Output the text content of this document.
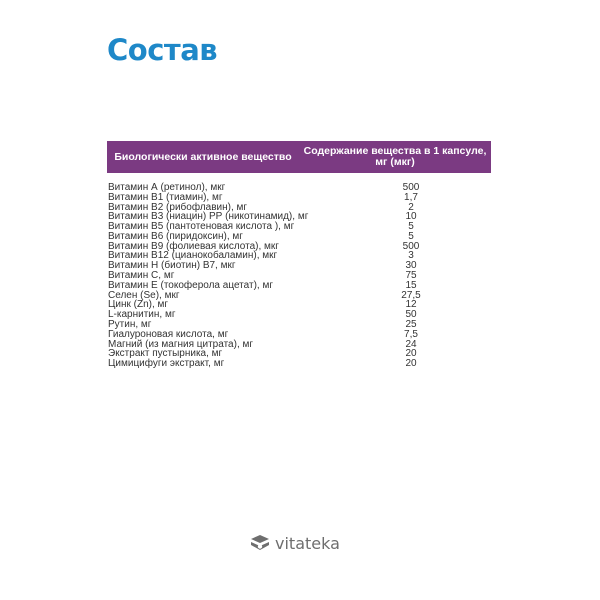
Состав
Биологически активное вещество	Содержание вещества в 1 капсуле, мг (мкг)
Витамин А (ретинол), мкг	500
Витамин В1 (тиамин), мг	1,7
Витамин В2 (рибофлавин), мг	2
Витамин В3 (ниацин) РР (никотинамид), мг	10
Витамин В5 (пантотеновая кислота ), мг	5
Витамин В6 (пиридоксин), мг	5
Витамин В9 (фолиевая кислота), мкг	500
Витамин В12 (цианокобаламин), мкг	3
Витамин Н (биотин) В7, мкг	30
Витамин С, мг	75
Витамин Е (токоферола ацетат), мг	15
Селен (Se), мкг	27,5
Цинк (Zn), мг	12
L-карнитин, мг	50
Рутин, мг	25
Гиалуроновая кислота, мг	7,5
Магний (из магния цитрата), мг	24
Экстракт пустырника, мг	20
Цимицифуги экстракт, мг	20
vitateka
